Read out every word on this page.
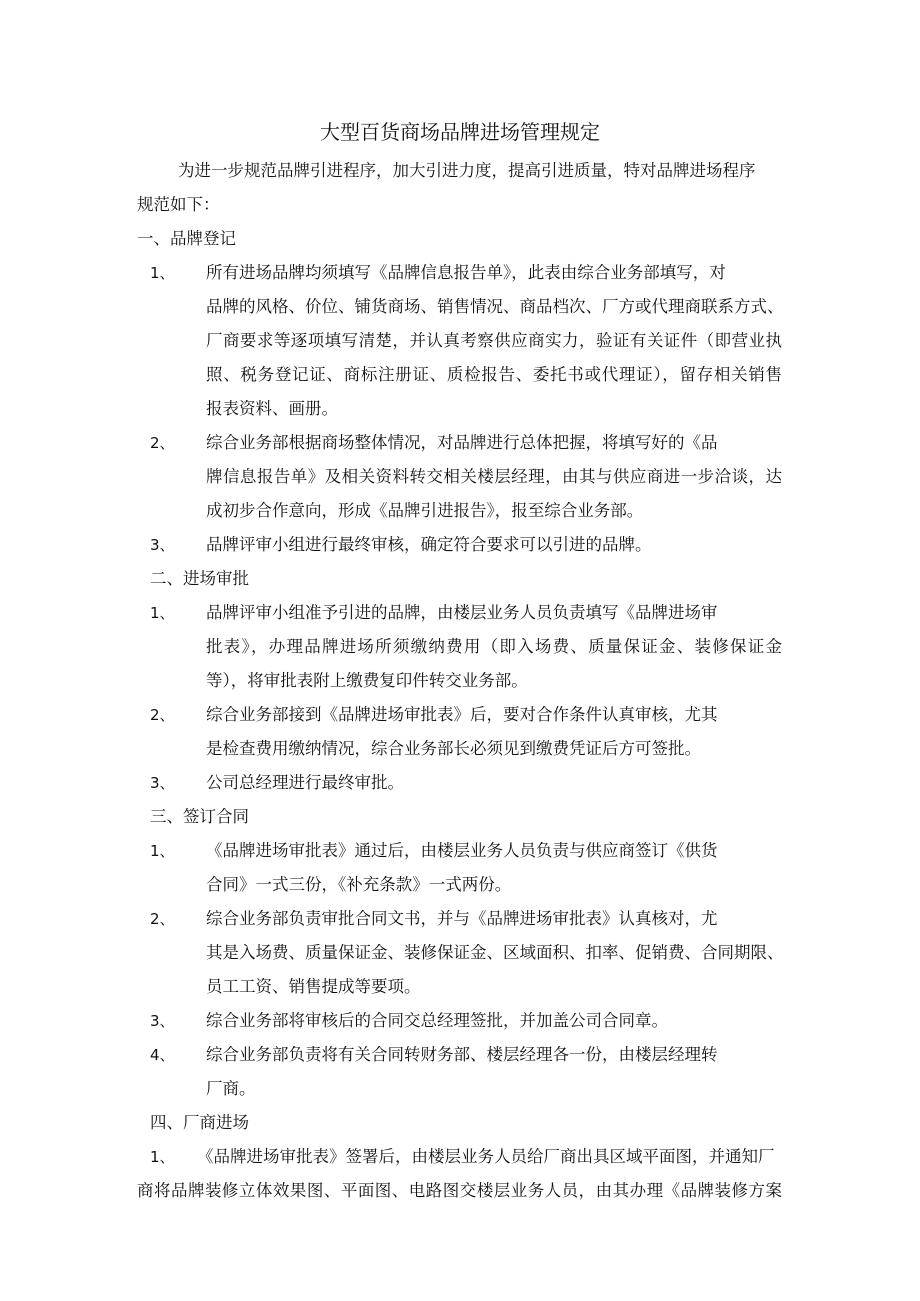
大型百货商场品牌进场管理规定
为进一步规范品牌引进程序，加大引进力度，提高引进质量，特对品牌进场程序
规范如下：
一、品牌登记
1、 所有进场品牌均须填写《品牌信息报告单》，此表由综合业务部填写，对
品牌的风格、价位、铺货商场、销售情况、商品档次、厂方或代理商联系方式、
厂商要求等逐项填写清楚，并认真考察供应商实力，验证有关证件（即营业执
照、税务登记证、商标注册证、质检报告、委托书或代理证），留存相关销售
报表资料、画册。
2、 综合业务部根据商场整体情况，对品牌进行总体把握，将填写好的《品
牌信息报告单》及相关资料转交相关楼层经理，由其与供应商进一步洽谈，达
成初步合作意向，形成《品牌引进报告》，报至综合业务部。
3、 品牌评审小组进行最终审核，确定符合要求可以引进的品牌。
二、进场审批
1、 品牌评审小组准予引进的品牌，由楼层业务人员负责填写《品牌进场审
批表》，办理品牌进场所须缴纳费用（即入场费、质量保证金、装修保证金
等），将审批表附上缴费复印件转交业务部。
2、 综合业务部接到《品牌进场审批表》后，要对合作条件认真审核，尤其
是检查费用缴纳情况，综合业务部长必须见到缴费凭证后方可签批。
3、 公司总经理进行最终审批。
三、签订合同
1、 《品牌进场审批表》通过后，由楼层业务人员负责与供应商签订《供货
合同》一式三份，《补充条款》一式两份。
2、 综合业务部负责审批合同文书，并与《品牌进场审批表》认真核对，尤
其是入场费、质量保证金、装修保证金、区域面积、扣率、促销费、合同期限、
员工工资、销售提成等要项。
3、 综合业务部将审核后的合同交总经理签批，并加盖公司合同章。
4、 综合业务部负责将有关合同转财务部、楼层经理各一份，由楼层经理转
厂商。
四、厂商进场
1、 《品牌进场审批表》签署后，由楼层业务人员给厂商出具区域平面图，并通知厂
商将品牌装修立体效果图、平面图、电路图交楼层业务人员，由其办理《品牌装修方案
